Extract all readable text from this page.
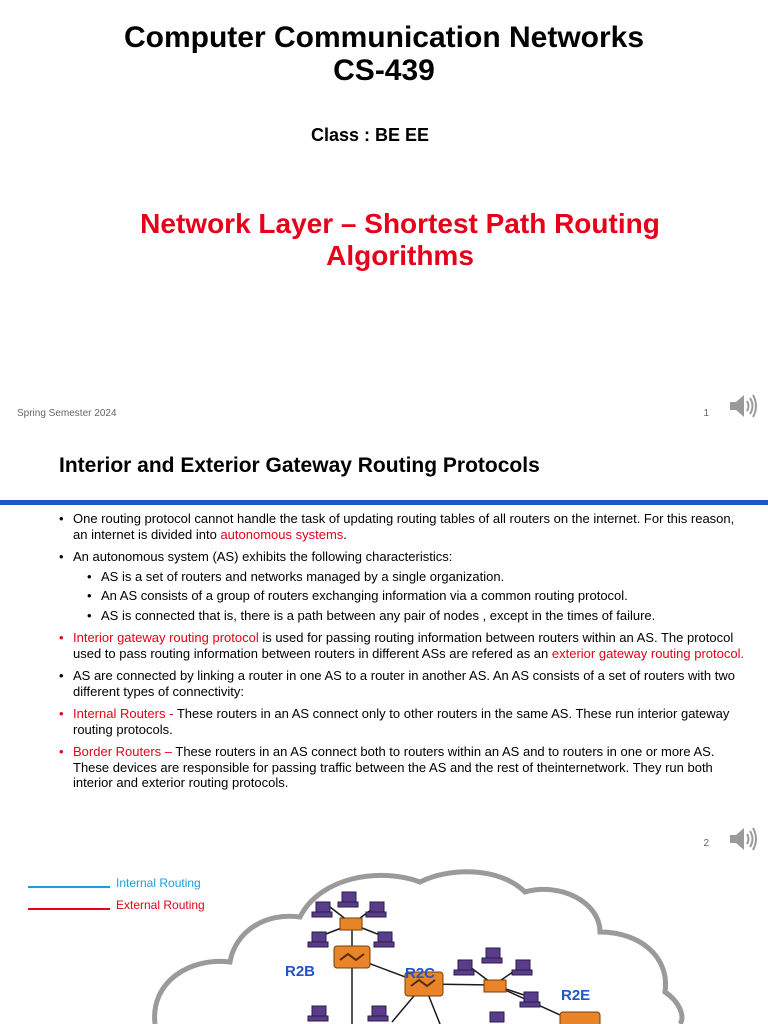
Computer Communication Networks
CS-439
Class : BE EE
Network Layer – Shortest Path Routing
Algorithms
Spring Semester 2024	1
Interior and Exterior Gateway Routing Protocols
• One routing protocol cannot handle the task of updating routing tables of all routers on the internet. For this reason, an internet is divided into autonomous systems.
• An autonomous system (AS) exhibits the following characteristics:
• AS is a set of routers and networks managed by a single organization.
• An AS consists of a group of routers exchanging information via a common routing protocol.
• AS is connected that is, there is a path between any pair of nodes , except in the times of failure.
• Interior gateway routing protocol is used for passing routing information between routers within an AS. The protocol used to pass routing information between routers in different ASs are refered as an exterior gateway routing protocol.
• AS are connected by linking a router in one AS to a router in another AS. An AS consists of a set of routers with two different types of connectivity:
• Internal Routers - These routers in an AS connect only to other routers in the same AS. These run interior gateway routing protocols.
• Border Routers – These routers in an AS connect both to routers within an AS and to routers in one or more AS. These devices are responsible for passing traffic between the AS and the rest of theinternetwork. They run both interior and exterior routing protocols.
2
Internal Routing
External Routing
R2B	R2C
R2E
